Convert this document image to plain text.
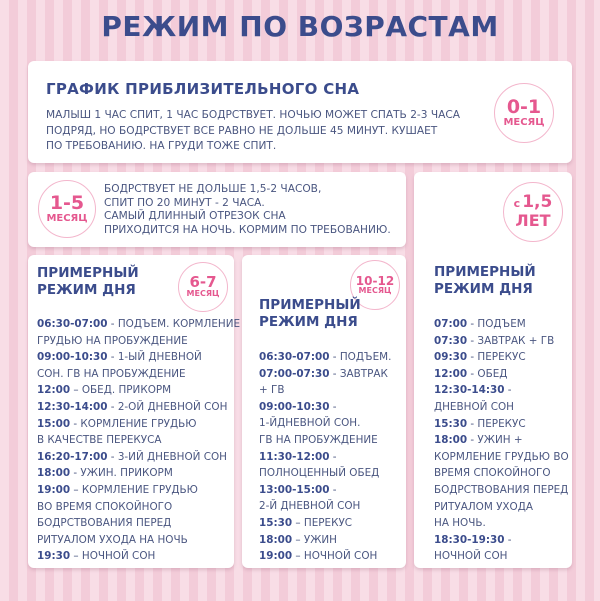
РЕЖИМ ПО ВОЗРАСТАМ
ГРАФИК ПРИБЛИЗИТЕЛЬНОГО СНА
МАЛЫШ 1 ЧАС СПИТ, 1 ЧАС БОДРСТВУЕТ. НОЧЬЮ МОЖЕТ СПАТЬ 2-3 ЧАСА
ПОДРЯД, НО БОДРСТВУЕТ ВСЕ РАВНО НЕ ДОЛЬШЕ 45 МИНУТ. КУШАЕТ
ПО ТРЕБОВАНИЮ. НА ГРУДИ ТОЖЕ СПИТ.
0-1
МЕСЯЦ
1-5
МЕСЯЦ
БОДРСТВУЕТ НЕ ДОЛЬШЕ 1,5-2 ЧАСОВ,
СПИТ ПО 20 МИНУТ - 2 ЧАСА.
САМЫЙ ДЛИННЫЙ ОТРЕЗОК СНА
ПРИХОДИТСЯ НА НОЧЬ. КОРМИМ ПО ТРЕБОВАНИЮ.
с 1,5
ЛЕТ
ПРИМЕРНЫЙ
РЕЖИМ ДНЯ
07:00 - ПОДЪЕМ
07:30 - ЗАВТРАК + ГВ
09:30 - ПЕРЕКУС
12:00 - ОБЕД
12:30-14:30 -
ДНЕВНОЙ СОН
15:30 - ПЕРЕКУС
18:00 - УЖИН +
КОРМЛЕНИЕ ГРУДЬЮ ВО
ВРЕМЯ СПОКОЙНОГО
БОДРСТВОВАНИЯ ПЕРЕД
РИТУАЛОМ УХОДА
НА НОЧЬ.
18:30-19:30 -
НОЧНОЙ СОН
ПРИМЕРНЫЙ
РЕЖИМ ДНЯ	6-7
МЕСЯЦ
06:30-07:00 - ПОДЪЕМ. КОРМЛЕНИЕ
ГРУДЬЮ НА ПРОБУЖДЕНИЕ
09:00-10:30 - 1-ЫЙ ДНЕВНОЙ
СОН. ГВ НА ПРОБУЖДЕНИЕ
12:00 – ОБЕД. ПРИКОРМ
12:30-14:00 - 2-ОЙ ДНЕВНОЙ СОН
15:00 - КОРМЛЕНИЕ ГРУДЬЮ
В КАЧЕСТВЕ ПЕРЕКУСА
16:20-17:00 - 3-ИЙ ДНЕВНОЙ СОН
18:00 - УЖИН. ПРИКОРМ
19:00 – КОРМЛЕНИЕ ГРУДЬЮ
ВО ВРЕМЯ СПОКОЙНОГО
БОДРСТВОВАНИЯ ПЕРЕД
РИТУАЛОМ УХОДА НА НОЧЬ
19:30 – НОЧНОЙ СОН
10-12
МЕСЯЦ
ПРИМЕРНЫЙ
РЕЖИМ ДНЯ
06:30-07:00 - ПОДЪЕМ.
07:00-07:30 - ЗАВТРАК
+ ГВ
09:00-10:30 -
1-ЙДНЕВНОЙ СОН.
ГВ НА ПРОБУЖДЕНИЕ
11:30-12:00 -
ПОЛНОЦЕННЫЙ ОБЕД
13:00-15:00 -
2-Й ДНЕВНОЙ СОН
15:30 – ПЕРЕКУС
18:00 – УЖИН
19:00 – НОЧНОЙ СОН
